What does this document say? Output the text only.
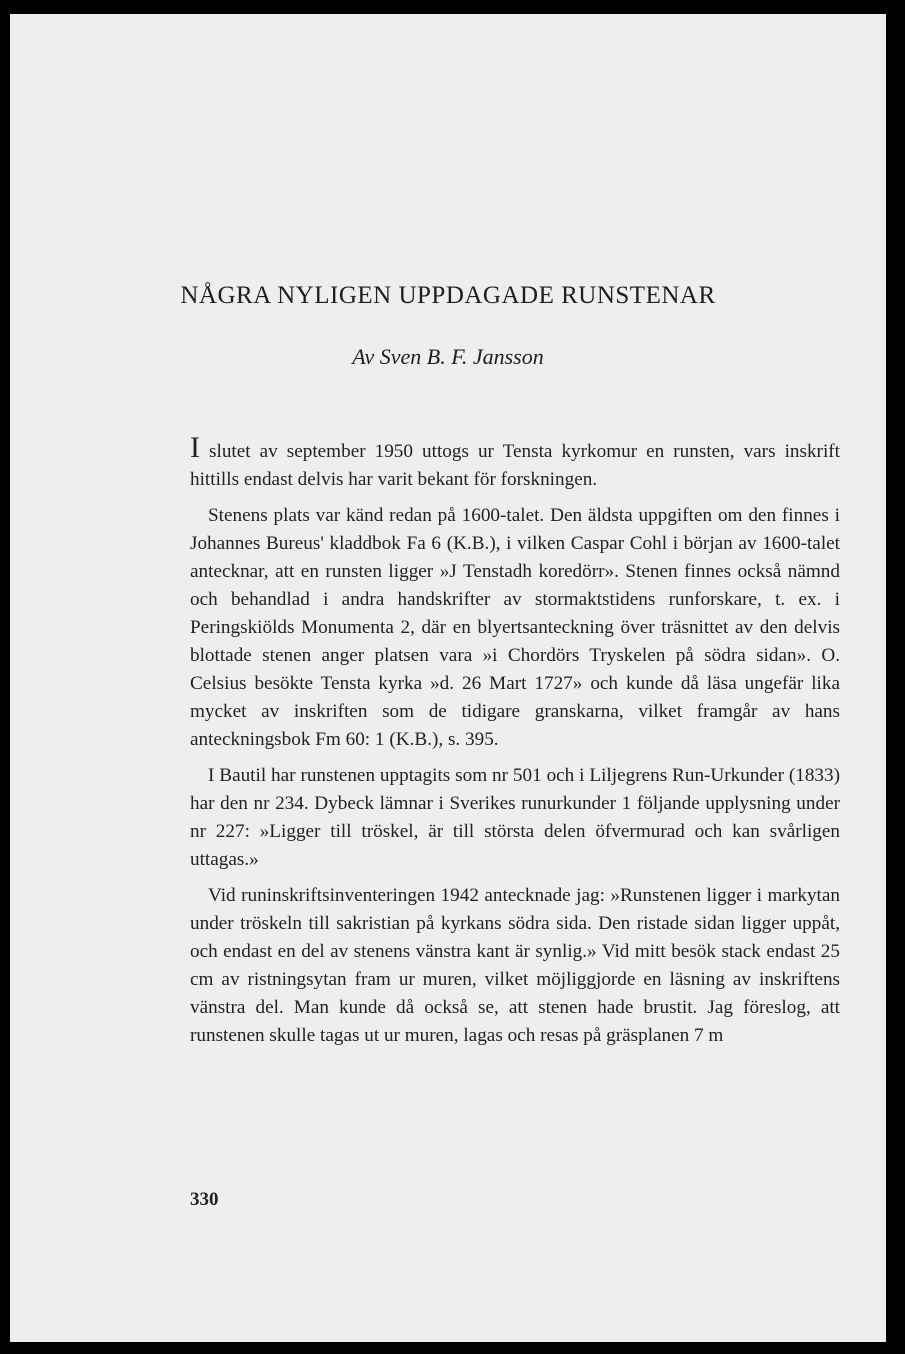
NÅGRA NYLIGEN UPPDAGADE RUNSTENAR
Av Sven B. F. Jansson

I slutet av september 1950 uttogs ur Tensta kyrkomur en runsten, vars inskrift hittills endast delvis har varit bekant för forskningen.

Stenens plats var känd redan på 1600-talet. Den äldsta uppgiften om den finnes i Johannes Bureus' kladdbok Fa 6 (K.B.), i vilken Caspar Cohl i början av 1600-talet antecknar, att en runsten ligger »J Tenstadh koredörr». Stenen finnes också nämnd och behandlad i andra handskrifter av stormaktstidens runforskare, t. ex. i Peringskiölds Monumenta 2, där en blyertsanteckning över träsnittet av den delvis blottade stenen anger platsen vara »i Chordörs Tryskelen på södra sidan». O. Celsius besökte Tensta kyrka »d. 26 Mart 1727» och kunde då läsa ungefär lika mycket av inskriften som de tidigare granskarna, vilket framgår av hans anteckningsbok Fm 60: 1 (K.B.), s. 395.

I Bautil har runstenen upptagits som nr 501 och i Liljegrens Run-Urkunder (1833) har den nr 234. Dybeck lämnar i Sverikes runurkunder 1 följande upplysning under nr 227: »Ligger till tröskel, är till största delen öfvermurad och kan svårligen uttagas.»

Vid runinskriftsinventeringen 1942 antecknade jag: »Runstenen ligger i markytan under tröskeln till sakristian på kyrkans södra sida. Den ristade sidan ligger uppåt, och endast en del av stenens vänstra kant är synlig.» Vid mitt besök stack endast 25 cm av ristningsytan fram ur muren, vilket möjliggjorde en läsning av inskriftens vänstra del. Man kunde då också se, att stenen hade brustit. Jag föreslog, att runstenen skulle tagas ut ur muren, lagas och resas på gräsplanen 7 m

330
